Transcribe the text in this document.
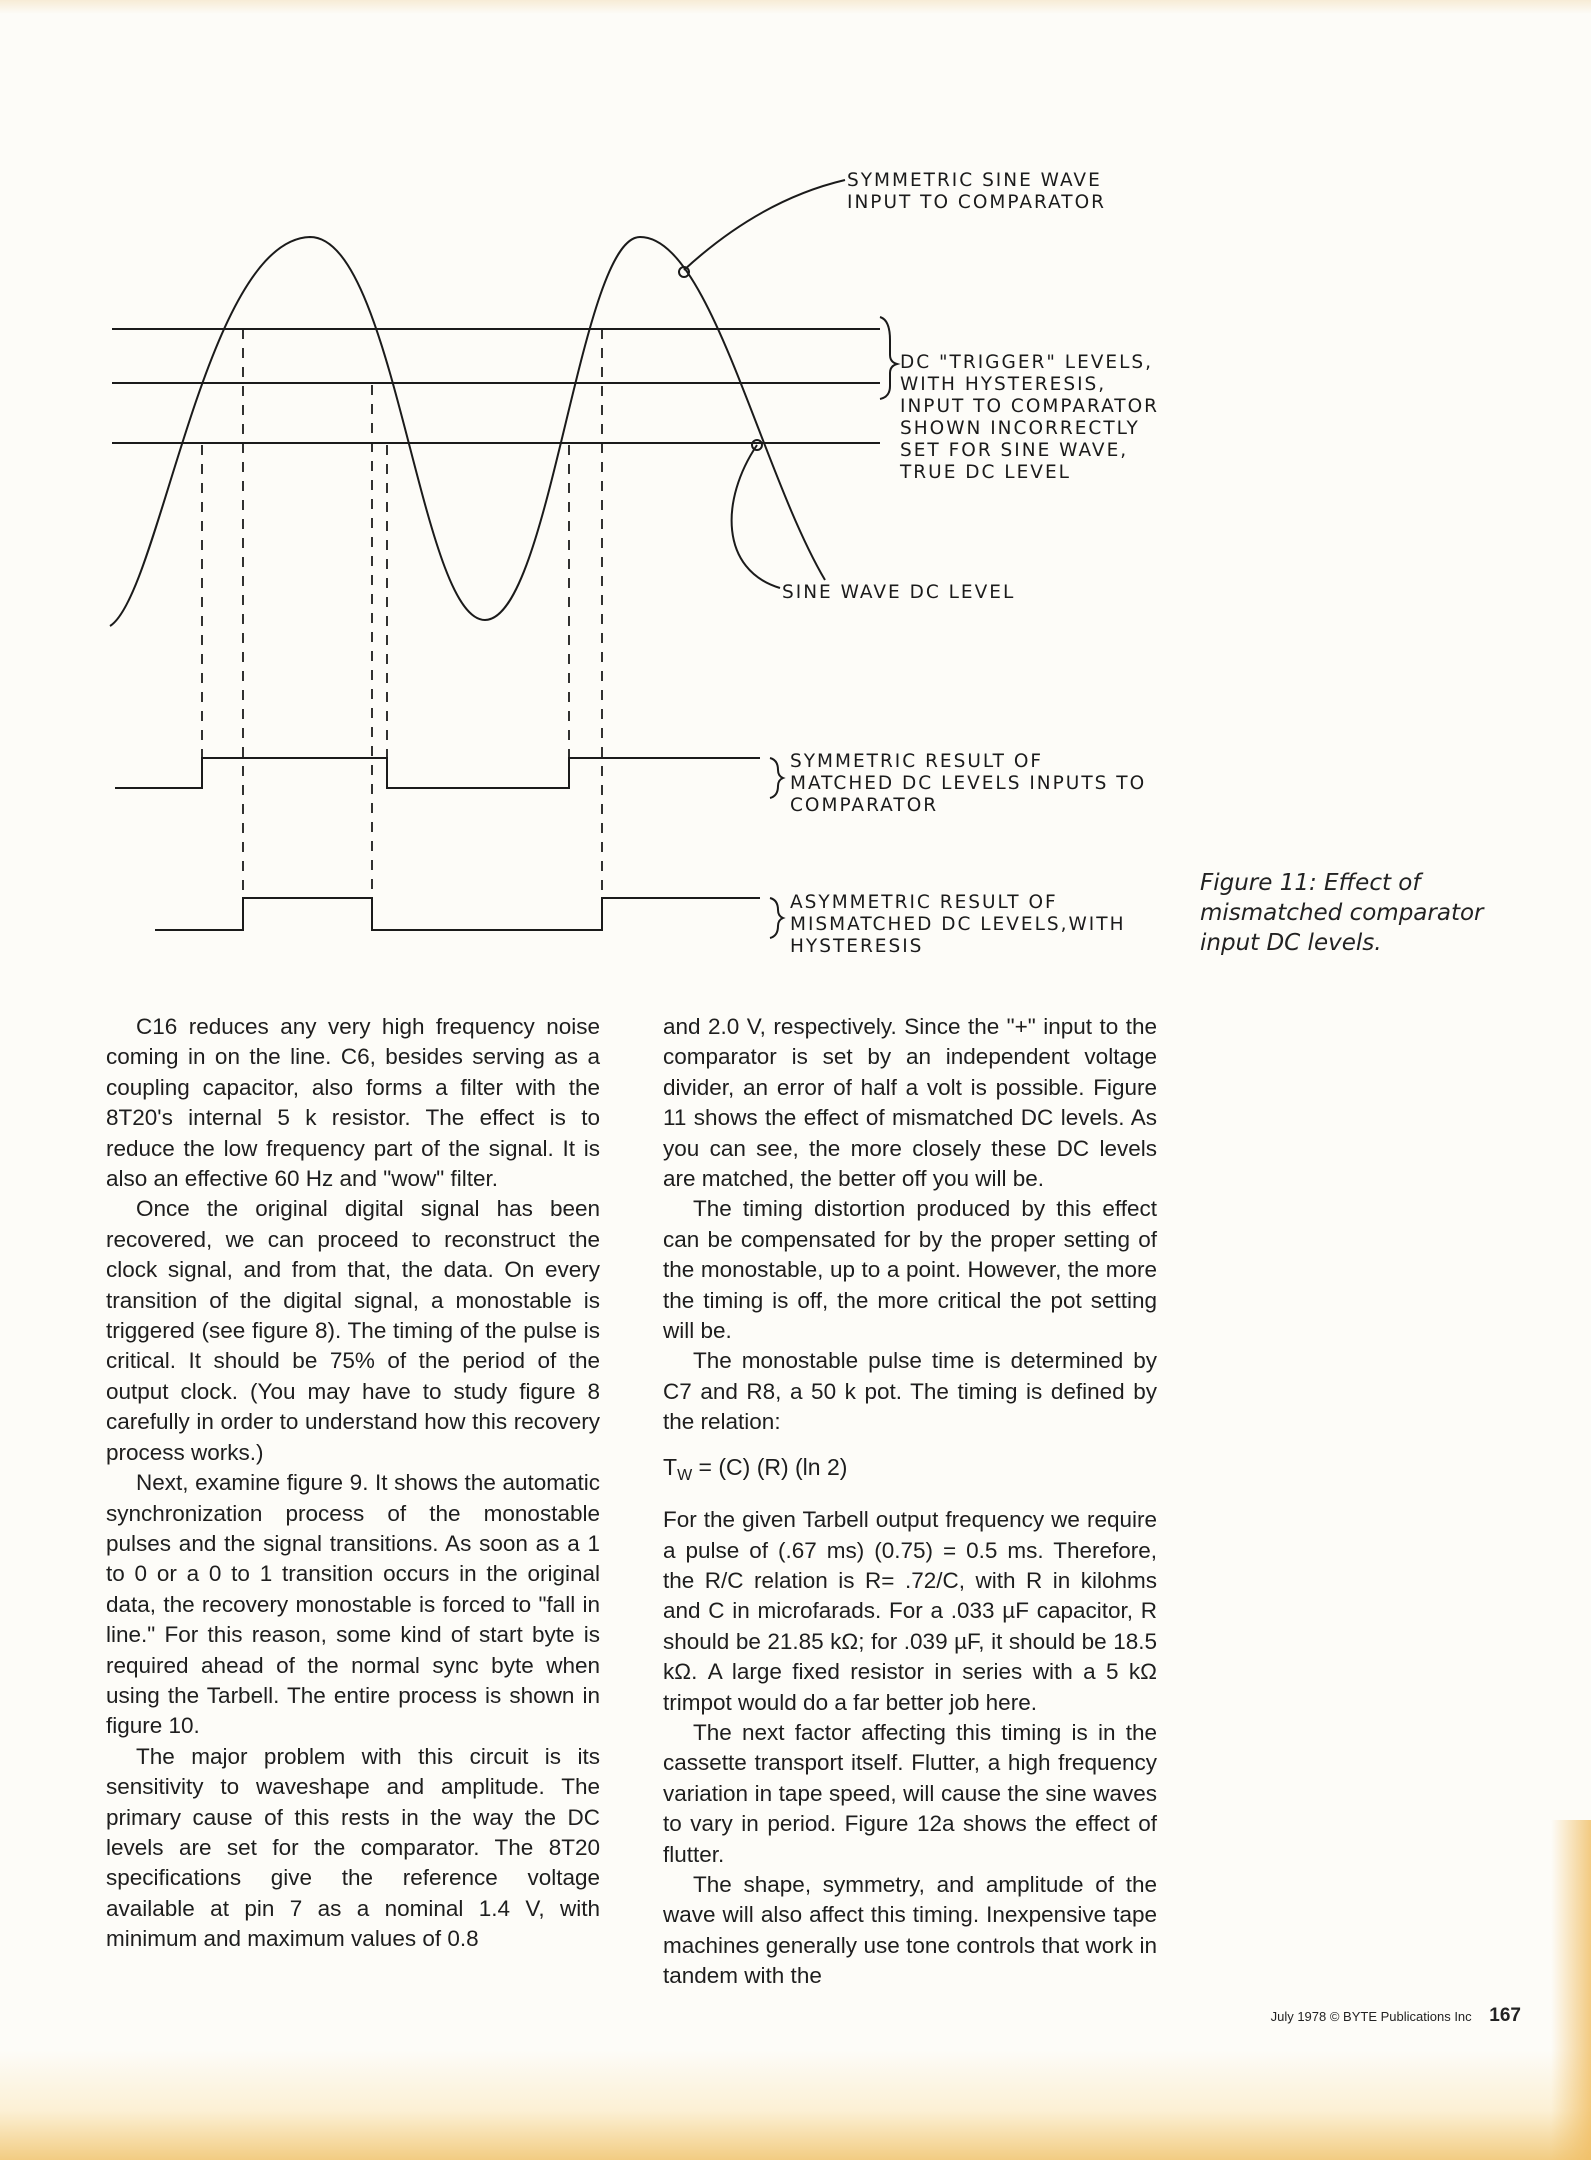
SYMMETRIC SINE WAVE
INPUT TO COMPARATOR
DC "TRIGGER" LEVELS,
WITH HYSTERESIS,
INPUT TO COMPARATOR
SHOWN INCORRECTLY
SET FOR SINE WAVE,
TRUE DC LEVEL
SINE WAVE DC LEVEL
SYMMETRIC RESULT OF
MATCHED DC LEVELS INPUTS TO
COMPARATOR
ASYMMETRIC RESULT OF
MISMATCHED DC LEVELS,WITH
HYSTERESIS
Figure 11: Effect of mismatched comparator input DC levels.

C16 reduces any very high frequency noise coming in on the line. C6, besides serving as a coupling capacitor, also forms a filter with the 8T20's internal 5 k resistor. The effect is to reduce the low frequency part of the signal. It is also an effective 60 Hz and "wow" filter.

Once the original digital signal has been recovered, we can proceed to reconstruct the clock signal, and from that, the data. On every transition of the digital signal, a monostable is triggered (see figure 8). The timing of the pulse is critical. It should be 75% of the period of the output clock. (You may have to study figure 8 carefully in order to understand how this recovery process works.)

Next, examine figure 9. It shows the automatic synchronization process of the monostable pulses and the signal transitions. As soon as a 1 to 0 or a 0 to 1 transition occurs in the original data, the recovery monostable is forced to "fall in line." For this reason, some kind of start byte is required ahead of the normal sync byte when using the Tarbell. The entire process is shown in figure 10.

The major problem with this circuit is its sensitivity to waveshape and amplitude. The primary cause of this rests in the way the DC levels are set for the comparator. The 8T20 specifications give the reference voltage available at pin 7 as a nominal 1.4 V, with minimum and maximum values of 0.8

and 2.0 V, respectively. Since the "+" input to the comparator is set by an independent voltage divider, an error of half a volt is possible. Figure 11 shows the effect of mismatched DC levels. As you can see, the more closely these DC levels are matched, the better off you will be.

The timing distortion produced by this effect can be compensated for by the proper setting of the monostable, up to a point. However, the more the timing is off, the more critical the pot setting will be.

The monostable pulse time is determined by C7 and R8, a 50 k pot. The timing is defined by the relation:

$T_W = (C)$ (R) (ln 2)

For the given Tarbell output frequency we require a pulse of (.67 ms) (0.75) = 0.5 ms. Therefore, the R/C relation is R= .72/C, with R in kilohms and C in microfarads. For a .033 µF capacitor, R should be 21.85 kΩ; for .039 µF, it should be 18.5 kΩ. A large fixed resistor in series with a 5 kΩ trimpot would do a far better job here.

The next factor affecting this timing is in the cassette transport itself. Flutter, a high frequency variation in tape speed, will cause the sine waves to vary in period. Figure 12a shows the effect of flutter.

The shape, symmetry, and amplitude of the wave will also affect this timing. Inexpensive tape machines generally use tone controls that work in tandem with the

July 1978 © BYTE Publications Inc 167
